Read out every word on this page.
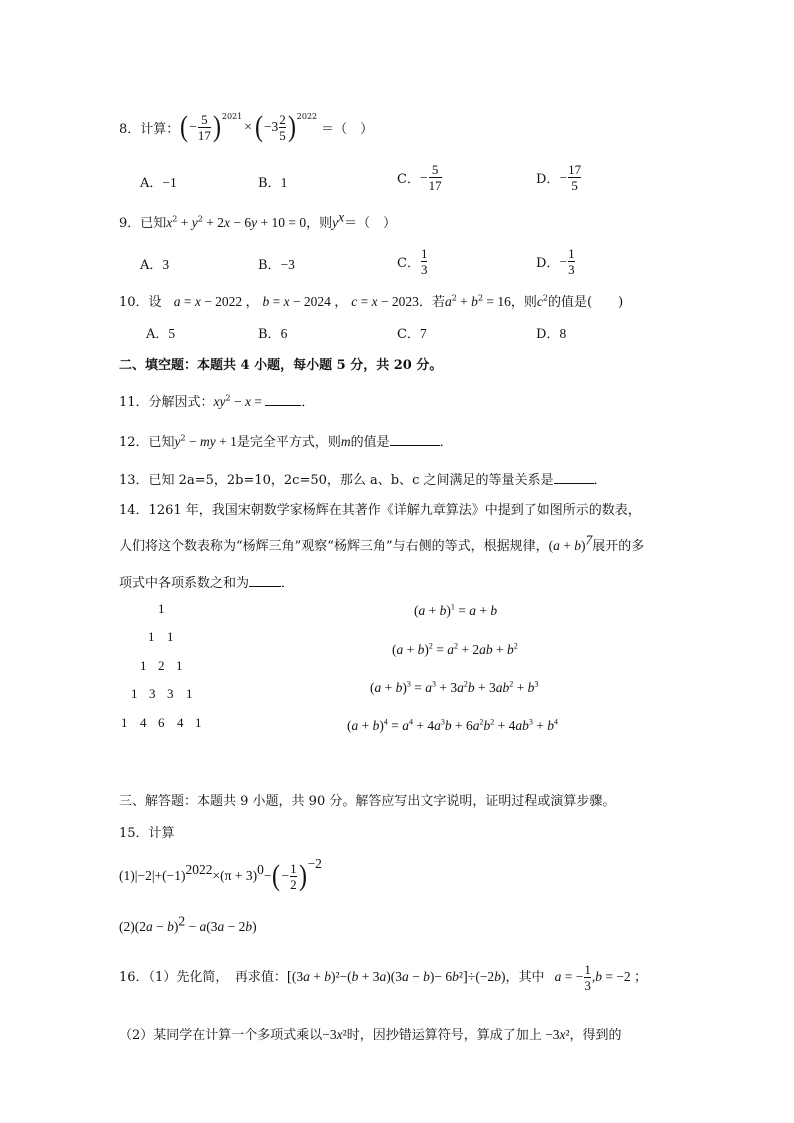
8．计算： ( − $\frac{5}{17} )^{2021}$
× ( $-3 \frac{2}{5} )^{2022}$
＝（　）
A．−1	B．1	C． − $\frac{5}{17}$	D． − $\frac{17}{5}$
9．已知$x^2 + y^2 + 2x - 6y + 10 = 0$，则$y^x=$（　）
A．3	B．−3	C． $\frac{1}{3}$	D． − $\frac{1}{3}$
10．设 a = x − 2022 ， b = x − 2024 ， c = x − 2023．若$a^2 + b^2 = 16$，则$c^2$的值是(　　)
A．5	B．6	C．7	D．8
二、填空题：本题共 4 小题，每小题 5 分，共 20 分。
11．分解因式：$xy^2 - x$ =	．
12．已知$y^2$ − my + 1是完全平方式，则m的值是	．
13．已知 2a=5，2b=10，2c=50，那么 a、b、c 之间满足的等量关系是	．
14．1261 年，我国宋朝数学家杨辉在其著作《详解九章算法》中提到了如图所示的数表，
人们将这个数表称为“杨辉三角”观察“杨辉三角”与右侧的等式，根据规律，$(a + b)^7$展开的多
项式中各项系数之和为 ．
1
1 1
1 2 1
1 3 3 1
1 4 6 4 1
$(a + b)^1 = a + b$
$(a + b)^2 = a^2 + 2ab + b^2$
$(a + b)^3 = a^3 + 3a^2b + 3ab^2 + b^3$
$(a + b)^4 = a^4 + 4a^3b + 6a^2b^2 + 4ab^3 + b^4$
三、解答题：本题共 9 小题，共 90 分。解答应写出文字说明，证明过程或演算步骤。
15．计算
(1) $|-2| + (-1)^{2022} \times (\pi + 3)^0$ − ( − $\frac{1}{2} )^{-2}$
$(2)(2a - b)^2 - a(3a - 2b)$
16．（1）先化简，　再求值：[(3a + b)²−(b + 3a)(3a − b)− 6b²]÷(−2b)，其中 a = − $\frac{1}{3} ,b = -2$ ；
（2）某同学在计算一个多项式乘以−3x²时，因抄错运算符号，算成了加上 −3x²，得到的
